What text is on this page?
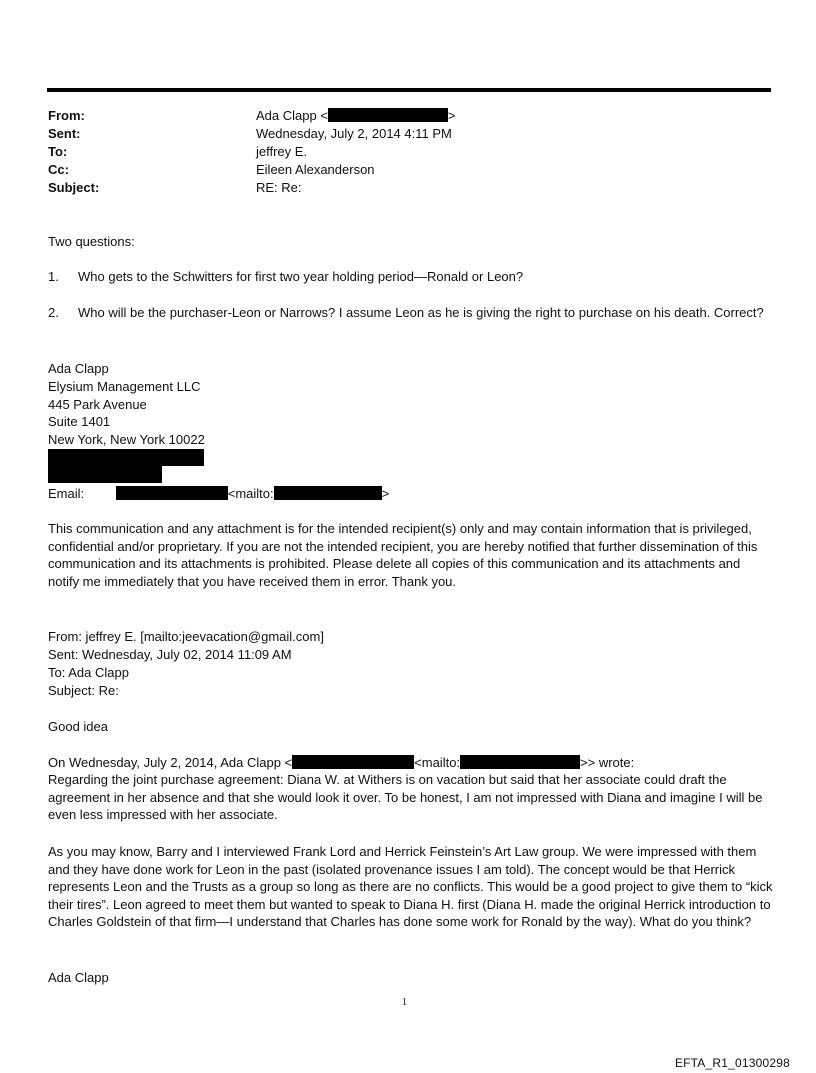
From:	Ada Clapp <	>
Sent:	Wednesday, July 2, 2014 4:11 PM
To:	jeffrey E.
Cc:	Eileen Alexanderson
Subject:	RE: Re:
Two questions:
1. Who gets to the Schwitters for first two year holding period—Ronald or Leon?
2. Who will be the purchaser-Leon or Narrows? I assume Leon as he is giving the right to purchase on his death. Correct?
Ada Clapp
Elysium Management LLC
445 Park Avenue
Suite 1401
New York, New York 10022
Email:	<mailto:	>
This communication and any attachment is for the intended recipient(s) only and may contain information that is privileged, confidential and/or proprietary. If you are not the intended recipient, you are hereby notified that further dissemination of this communication and its attachments is prohibited. Please delete all copies of this communication and its attachments and notify me immediately that you have received them in error. Thank you.
From: jeffrey E. [mailto:jeevacation@gmail.com]
Sent: Wednesday, July 02, 2014 11:09 AM
To: Ada Clapp
Subject: Re:
Good idea
On Wednesday, July 2, 2014, Ada Clapp <	<mailto:	>> wrote:
Regarding the joint purchase agreement: Diana W. at Withers is on vacation but said that her associate could draft the agreement in her absence and that she would look it over. To be honest, I am not impressed with Diana and imagine I will be even less impressed with her associate.
As you may know, Barry and I interviewed Frank Lord and Herrick Feinstein’s Art Law group. We were impressed with them and they have done work for Leon in the past (isolated provenance issues I am told). The concept would be that Herrick represents Leon and the Trusts as a group so long as there are no conflicts. This would be a good project to give them to “kick their tires”. Leon agreed to meet them but wanted to speak to Diana H. first (Diana H. made the original Herrick introduction to Charles Goldstein of that firm—I understand that Charles has done some work for Ronald by the way). What do you think?
Ada Clapp
1
EFTA_R1_01300298
